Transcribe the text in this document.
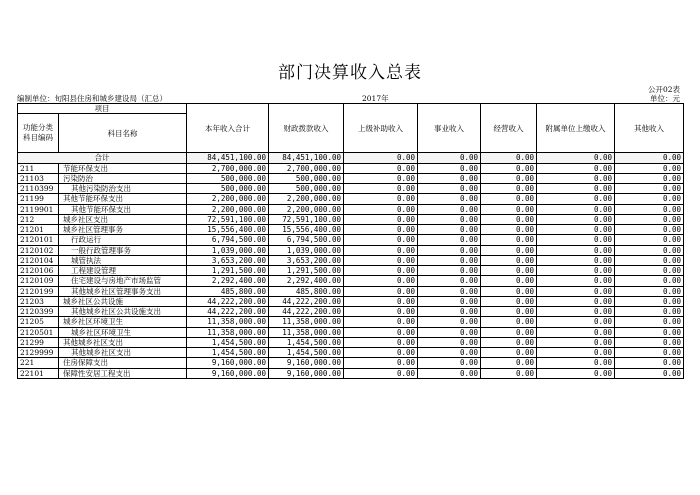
部门决算收入总表
公开02表
编制单位：旬阳县住房和城乡建设局（汇总）	2017年	单位：元
项目		本年收入合计	财政拨款收入	上级补助收入	事业收入	经营收入	附属单位上缴收入	其他收入
功能分类科目编码	科目名称							
合计		84,451,100.00	84,451,100.00	0.00	0.00	0.00	0.00	0.00
211	节能环保支出	2,700,000.00	2,700,000.00	0.00	0.00	0.00	0.00	0.00
21103	污染防治	500,000.00	500,000.00	0.00	0.00	0.00	0.00	0.00
2110399	其他污染防治支出	500,000.00	500,000.00	0.00	0.00	0.00	0.00	0.00
21199	其他节能环保支出	2,200,000.00	2,200,000.00	0.00	0.00	0.00	0.00	0.00
2119901	其他节能环保支出	2,200,000.00	2,200,000.00	0.00	0.00	0.00	0.00	0.00
212	城乡社区支出	72,591,100.00	72,591,100.00	0.00	0.00	0.00	0.00	0.00
21201	城乡社区管理事务	15,556,400.00	15,556,400.00	0.00	0.00	0.00	0.00	0.00
2120101	行政运行	6,794,500.00	6,794,500.00	0.00	0.00	0.00	0.00	0.00
2120102	一般行政管理事务	1,039,000.00	1,039,000.00	0.00	0.00	0.00	0.00	0.00
2120104	城管执法	3,653,200.00	3,653,200.00	0.00	0.00	0.00	0.00	0.00
2120106	工程建设管理	1,291,500.00	1,291,500.00	0.00	0.00	0.00	0.00	0.00
2120109	住宅建设与房地产市场监管	2,292,400.00	2,292,400.00	0.00	0.00	0.00	0.00	0.00
2120199	其他城乡社区管理事务支出	485,800.00	485,800.00	0.00	0.00	0.00	0.00	0.00
21203	城乡社区公共设施	44,222,200.00	44,222,200.00	0.00	0.00	0.00	0.00	0.00
2120399	其他城乡社区公共设施支出	44,222,200.00	44,222,200.00	0.00	0.00	0.00	0.00	0.00
21205	城乡社区环境卫生	11,358,000.00	11,358,000.00	0.00	0.00	0.00	0.00	0.00
2120501	城乡社区环境卫生	11,358,000.00	11,358,000.00	0.00	0.00	0.00	0.00	0.00
21299	其他城乡社区支出	1,454,500.00	1,454,500.00	0.00	0.00	0.00	0.00	0.00
2129999	其他城乡社区支出	1,454,500.00	1,454,500.00	0.00	0.00	0.00	0.00	0.00
221	住房保障支出	9,160,000.00	9,160,000.00	0.00	0.00	0.00	0.00	0.00
22101	保障性安居工程支出	9,160,000.00	9,160,000.00	0.00	0.00	0.00	0.00	0.00
